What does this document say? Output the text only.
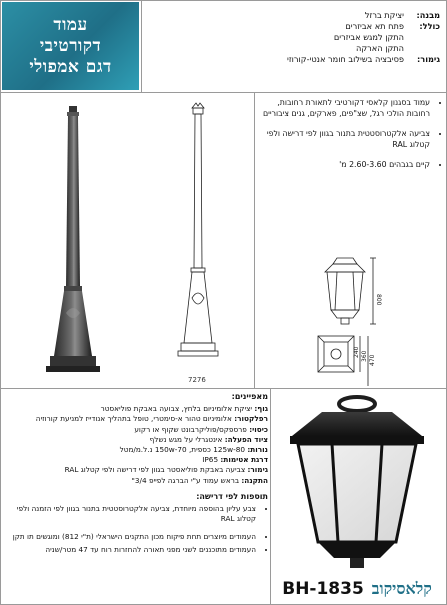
עמוד
דקורטיבי
דגם אמפולי
מבנה:
יציקת ברזל
כולל:
פתח תא אביזרים
התקן למגש אביזרים
התקן הארקה
גימור:
פסיבציה בשילוב חומר אנטי-קורוזי
7276
• עמוד בסגנון קלאסי דקורטיבי לתאורת רחובות, רחובות הולכי רגל, שצ"פים, פארקים, גנים ציבוריים
• צביעה אלקטרוסטטית בתנור בגוון לפי דרישה ולפי קטלוג RAL
• קיים בגבהים 2.60-3.60 מ'
800
240 360 470
מאפיינים:
גוף: יציקת אלומיניום בלחץ, צבועה באבקת פוליאסטר
רפלקטור: אלומיניום טהור א-סימטרי, טופל בתהליך אנודייז למניעת קורוזיה
כיסוי: פרספקס/פוליקרבונט שקוף או רקוע
ציוד הפעלה: אינטגרלי על מגש נשלף
נורות: 125w-80 כספית, 150w-70 נ.ל.מ/מטל
דרגת אטימות: IP65
גימור: צביעה באבקת פוליאסטר בגוון לפי דרישה ולפי קטלוג RAL
התקנה: בראש עמוד ע"י הברגה לפייפ 3/4"
תוספות לפי דרישה:
• צבע עליון בהוספה מיוחדת, צביעה אלקטרוסטטית בתנור בגוון לפי הזמנה ולפי קטלוג RAL
• העמודים מיוצרים תחת פיקוח מכון התקנים הישראלי (ת"י 812) ומוגשים תו תקן
• העמודים מתוכננים לשני מפני תאורה להחזרות רוח עד 47 מטר/שניה
קלאסיקוב
BH-1835
